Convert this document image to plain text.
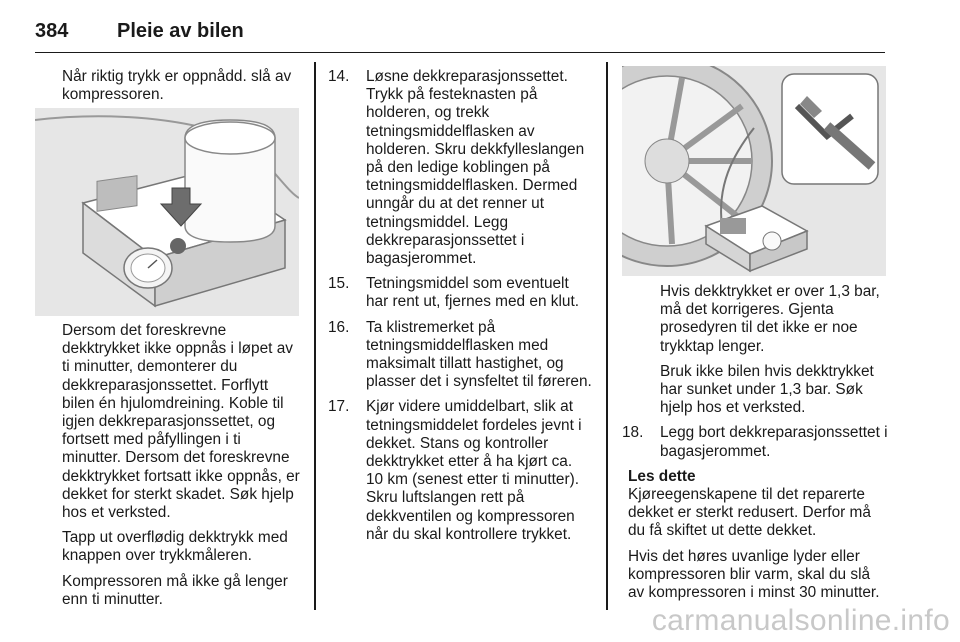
384 Pleie av bilen

Når riktig trykk er oppnådd. slå av kompressoren.

Dersom det foreskrevne dekktrykket ikke oppnås i løpet av ti minutter, demonterer du dekkreparasjonssettet. Forflytt bilen én hjulomdreining. Koble til igjen dekkreparasjonssettet, og fortsett med påfyllingen i ti minutter. Dersom det foreskrevne dekktrykket fortsatt ikke oppnås, er dekket for sterkt skadet. Søk hjelp hos et verksted.

Tapp ut overflødig dekktrykk med knappen over trykkmåleren.

Kompressoren må ikke gå lenger enn ti minutter.

14. Løsne dekkreparasjonssettet. Trykk på festeknasten på holderen, og trekk tetningsmiddelflasken av holderen. Skru dekkfylleslangen på den ledige koblingen på tetningsmiddelflasken. Dermed unngår du at det renner ut tetningsmiddel. Legg dekkreparasjonssettet i bagasjerommet.
15. Tetningsmiddel som eventuelt har rent ut, fjernes med en klut.
16. Ta klistremerket på tetningsmiddelflasken med maksimalt tillatt hastighet, og plasser det i synsfeltet til føreren.
17. Kjør videre umiddelbart, slik at tetningsmiddelet fordeles jevnt i dekket. Stans og kontroller dekktrykket etter å ha kjørt ca. 10 km (senest etter ti minutter). Skru luftslangen rett på dekkventilen og kompressoren når du skal kontrollere trykket.

Hvis dekktrykket er over 1,3 bar, må det korrigeres. Gjenta prosedyren til det ikke er noe trykktap lenger.

Bruk ikke bilen hvis dekktrykket har sunket under 1,3 bar. Søk hjelp hos et verksted.

18. Legg bort dekkreparasjonssettet i bagasjerommet.
Les dette

Kjøreegenskapene til det reparerte dekket er sterkt redusert. Derfor må du få skiftet ut dette dekket.

Hvis det høres uvanlige lyder eller kompressoren blir varm, skal du slå av kompressoren i minst 30 minutter.

carmanualsonline.info
